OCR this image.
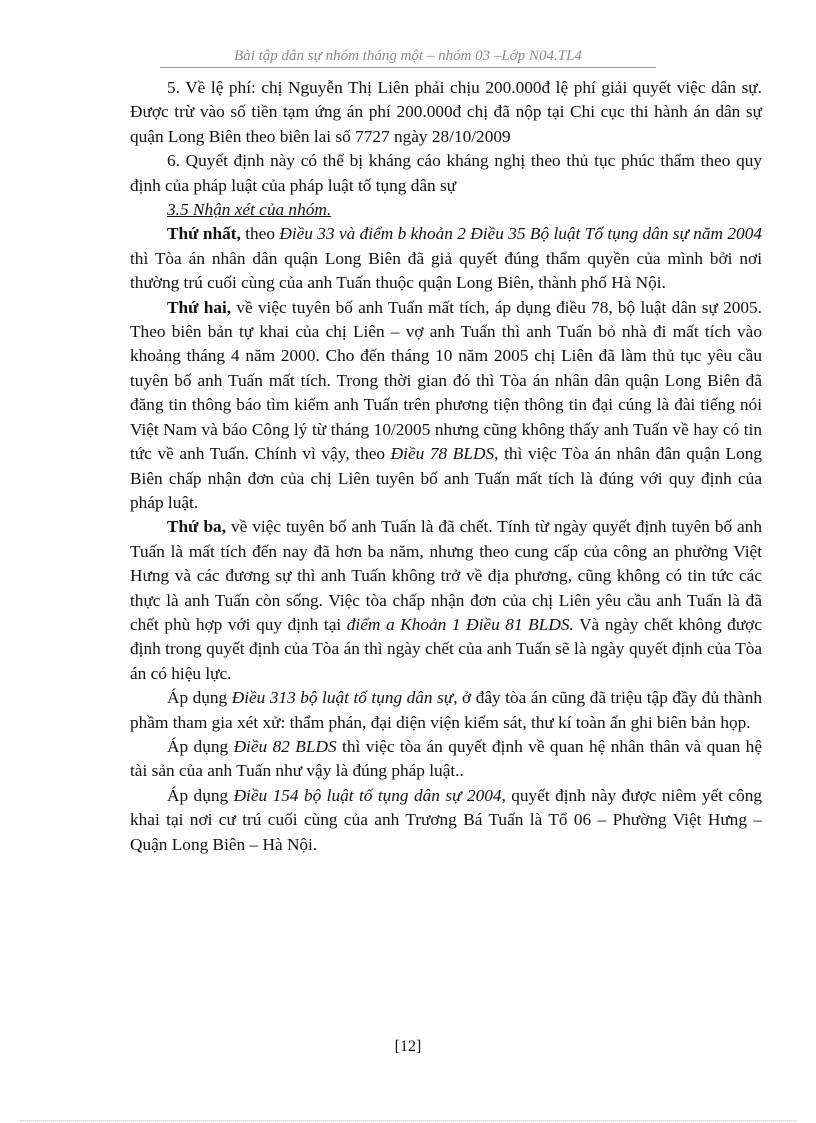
Bài tập dân sự nhóm tháng một – nhóm 03 –Lớp N04.TL4

5. Về lệ phí: chị Nguyễn Thị Liên phải chịu 200.000đ lệ phí giải quyết việc dân sự. Được trừ vào số tiền tạm ứng án phí 200.000đ chị đã nộp tại Chi cục thi hành án dân sự quận Long Biên theo biên lai số 7727 ngày 28/10/2009

6. Quyết định này có thể bị kháng cáo kháng nghị theo thủ tục phúc thẩm theo quy định của pháp luật của pháp luật tố tụng dân sự

3.5 Nhận xét của nhóm.

Thứ nhất, theo Điều 33 và điểm b khoản 2 Điều 35 Bộ luật Tố tụng dân sự năm 2004 thì Tòa án nhân dân quận Long Biên đã giả quyết đúng thẩm quyền của mình bởi nơi thường trú cuối cùng của anh Tuấn thuộc quận Long Biên, thành phố Hà Nội.

Thứ hai, về việc tuyên bố anh Tuấn mất tích, áp dụng điều 78, bộ luật dân sự 2005. Theo biên bản tự khai của chị Liên – vợ anh Tuấn thì anh Tuấn bỏ nhà đi mất tích vào khoảng tháng 4 năm 2000. Cho đến tháng 10 năm 2005 chị Liên đã làm thủ tục yêu cầu tuyên bố anh Tuấn mất tích. Trong thời gian đó thì Tòa án nhân dân quận Long Biên đã đăng tin thông báo tìm kiếm anh Tuấn trên phương tiện thông tin đại cúng là đài tiếng nói Việt Nam và báo Công lý từ tháng 10/2005 nhưng cũng không thấy anh Tuấn về hay có tin tức về anh Tuấn. Chính vì vậy, theo Điều 78 BLDS, thì việc Tòa án nhân đân quận Long Biên chấp nhận đơn của chị Liên tuyên bố anh Tuấn mất tích là đúng với quy định của pháp luật.

Thứ ba, về việc tuyên bố anh Tuấn là đã chết. Tính từ ngày quyết định tuyên bố anh Tuấn là mất tích đến nay đã hơn ba năm, nhưng theo cung cấp của công an phường Việt Hưng và các đương sự thì anh Tuấn không trở về địa phương, cũng không có tin tức các thực là anh Tuấn còn sống. Việc tòa chấp nhận đơn của chị Liên yêu cầu anh Tuấn là đã chết phù hợp với quy định tại điểm a Khoản 1 Điều 81 BLDS. Và ngày chết không được định trong quyết định của Tòa án thì ngày chết của anh Tuấn sẽ là ngày quyết định của Tòa án có hiệu lực.

Áp dụng Điều 313 bộ luật tố tụng dân sự, ở đây tòa án cũng đã triệu tập đầy đủ thành phầm tham gia xét xử: thẩm phán, đại diện viện kiểm sát, thư kí toàn ấn ghi biên bản họp.

Áp dụng Điều 82 BLDS thì việc tòa án quyết định về quan hệ nhân thân và quan hệ tài sản của anh Tuấn như vậy là đúng pháp luật..

Áp dụng Điều 154 bộ luật tố tụng dân sự 2004, quyết định này được niêm yết công khai tại nơi cư trú cuối cùng của anh Trương Bá Tuấn là Tổ 06 – Phường Việt Hưng – Quận Long Biên – Hà Nội.

[12]
